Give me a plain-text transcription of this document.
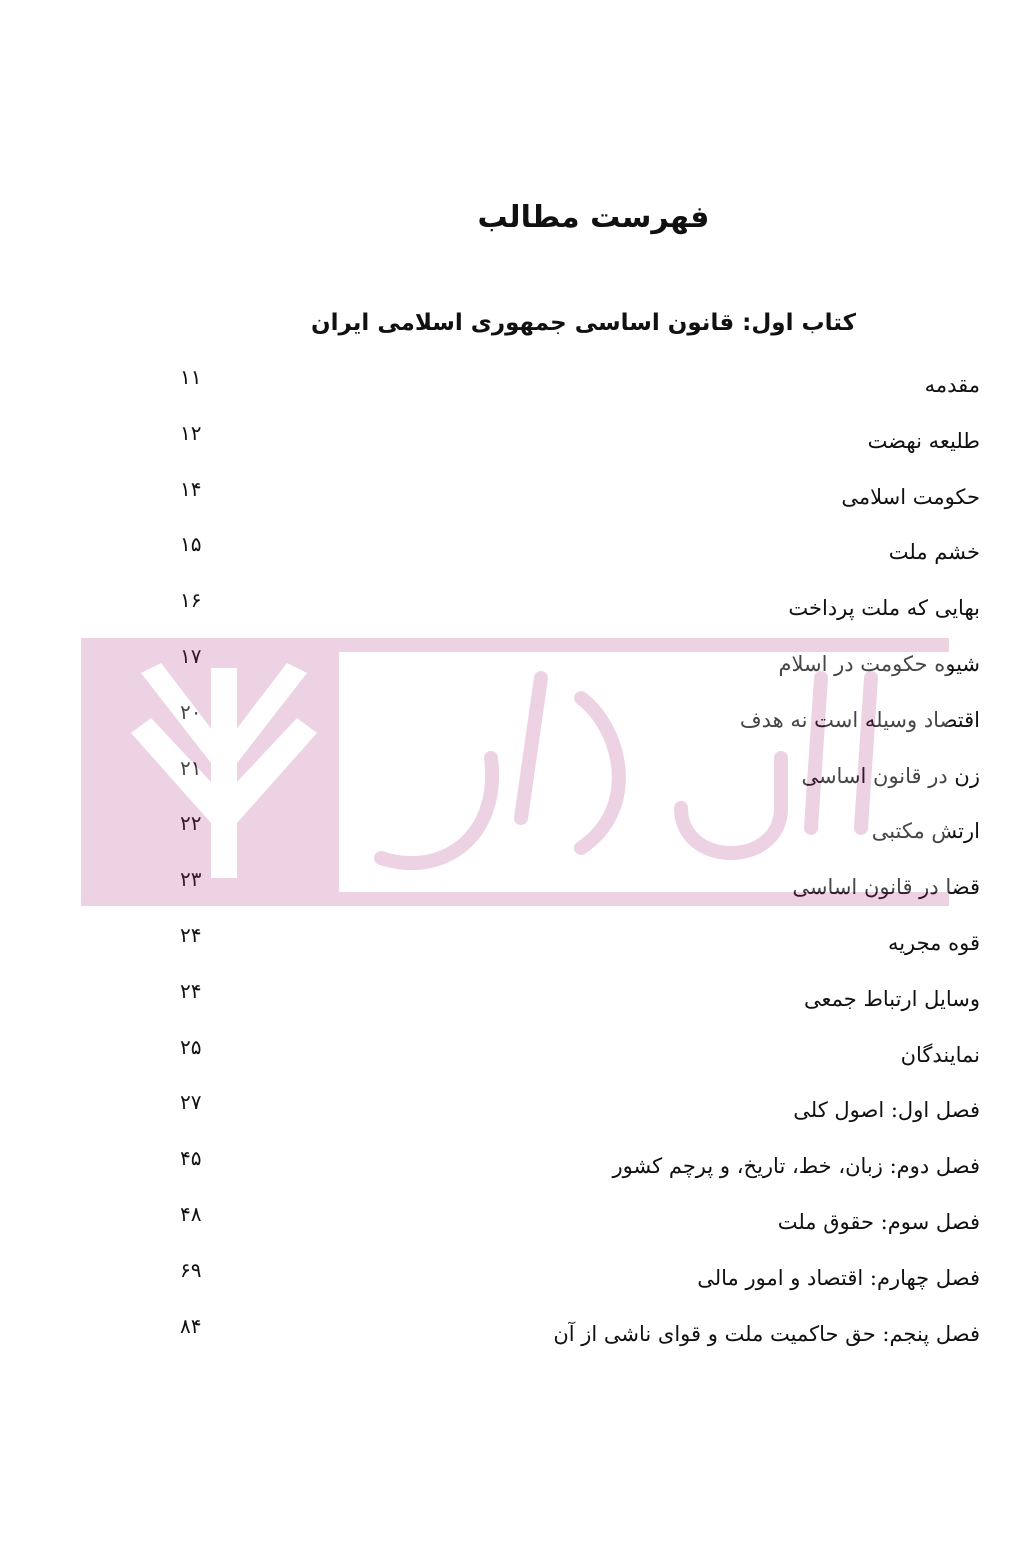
فهرست مطالب
کتاب اول: قانون اساسی جمهوری اسلامی ایران
مقدمه
۱۱
طلیعه نهضت
۱۲
حکومت اسلامی
۱۴
خشم ملت
۱۵
بهایی که ملت پرداخت
۱۶
شیوه حکومت در اسلام
۱۷
اقتصاد وسیله است نه هدف
۲۰
زن در قانون اساسی
۲۱
ارتش مکتبی
۲۲
قضا در قانون اساسی
۲۳
قوه مجریه
۲۴
وسایل ارتباط جمعی
۲۴
نمایندگان
۲۵
فصل اول: اصول کلی
۲۷
فصل دوم: زبان، خط، تاریخ، و پرچم کشور
۴۵
فصل سوم: حقوق ملت
۴۸
فصل چهارم: اقتصاد و امور مالی
۶۹
فصل پنجم: حق حاکمیت ملت و قوای ناشی از آن
۸۴
